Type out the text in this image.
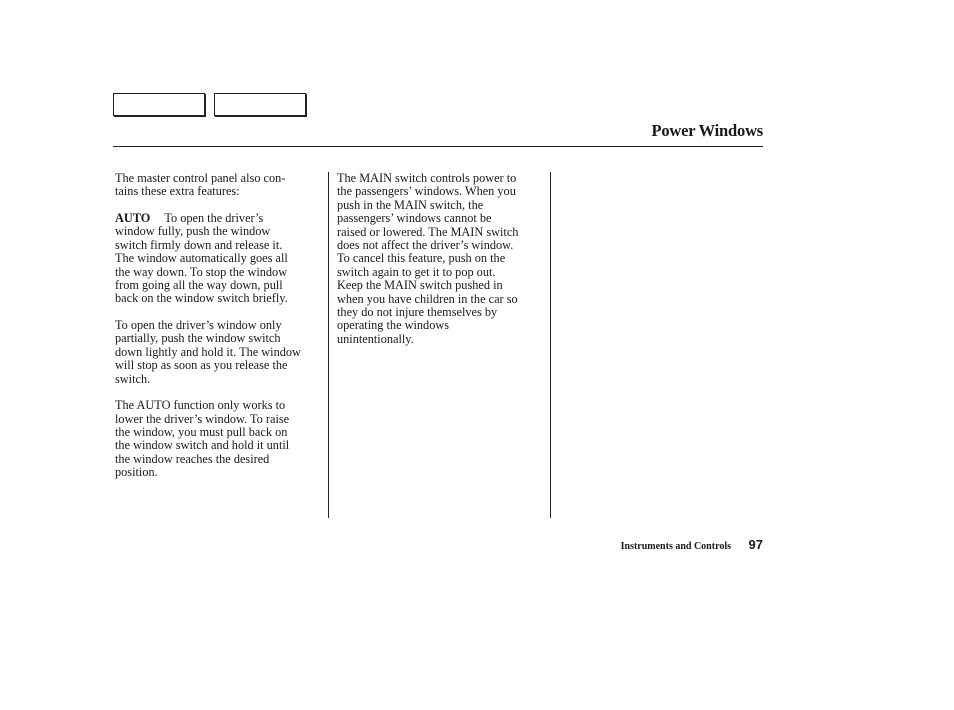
Power Windows

The master control panel also con-
tains these extra features:

AUTO To open the driver’s
window fully, push the window
switch firmly down and release it.
The window automatically goes all
the way down. To stop the window
from going all the way down, pull
back on the window switch briefly.

To open the driver’s window only
partially, push the window switch
down lightly and hold it. The window
will stop as soon as you release the
switch.

The AUTO function only works to
lower the driver’s window. To raise
the window, you must pull back on
the window switch and hold it until
the window reaches the desired
position.

The MAIN switch controls power to
the passengers’ windows. When you
push in the MAIN switch, the
passengers’ windows cannot be
raised or lowered. The MAIN switch
does not affect the driver’s window.
To cancel this feature, push on the
switch again to get it to pop out.
Keep the MAIN switch pushed in
when you have children in the car so
they do not injure themselves by
operating the windows
unintentionally.

Instruments and Controls 97
